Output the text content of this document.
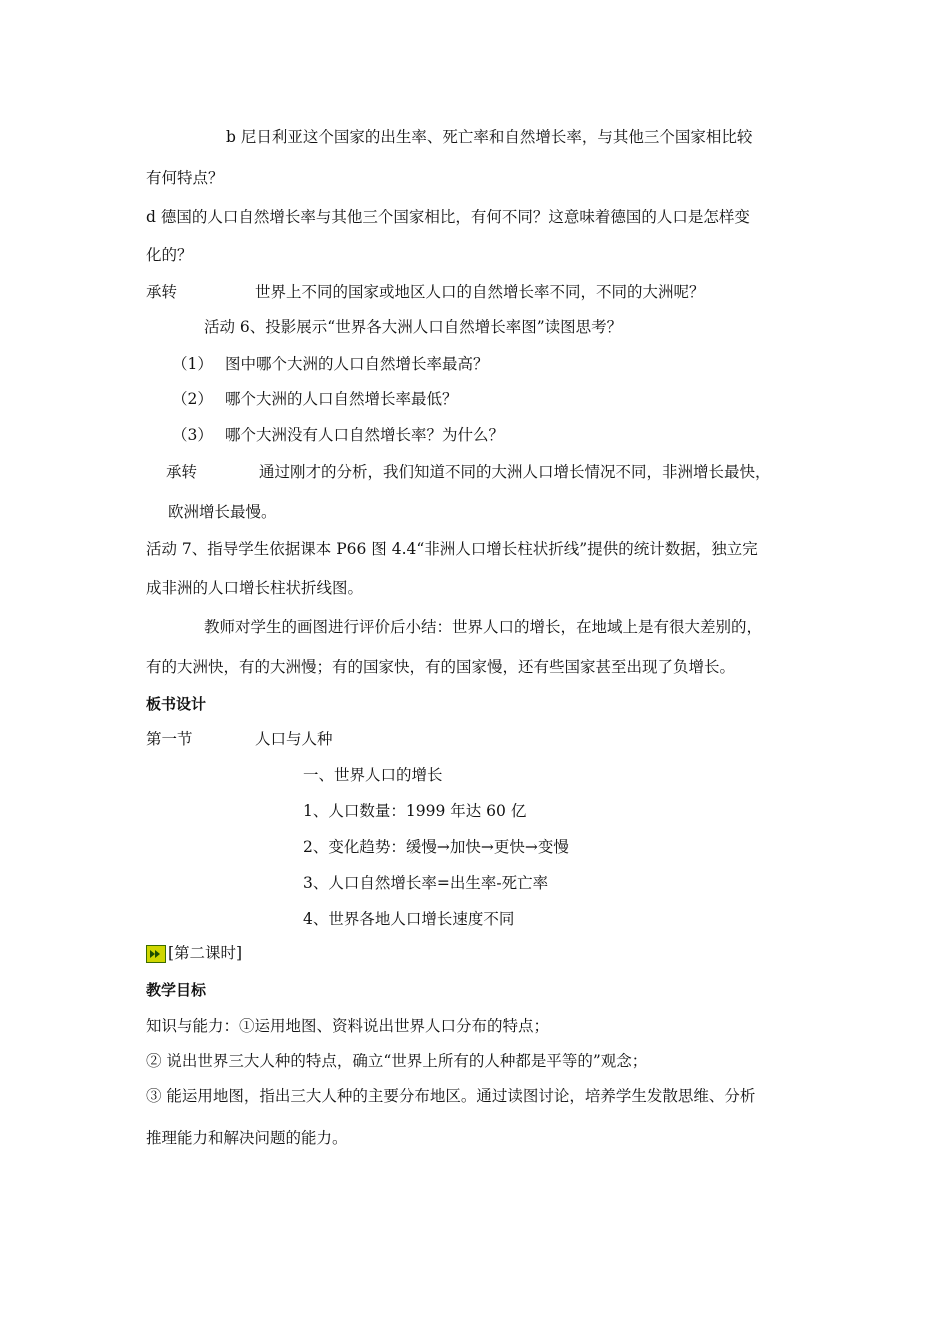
b 尼日利亚这个国家的出生率、死亡率和自然增长率，与其他三个国家相比较
有何特点？
d 德国的人口自然增长率与其他三个国家相比，有何不同？这意味着德国的人口是怎样变
化的？
承转	世界上不同的国家或地区人口的自然增长率不同，不同的大洲呢？
活动 6、投影展示“世界各大洲人口自然增长率图”读图思考？
（1） 图中哪个大洲的人口自然增长率最高？
（2） 哪个大洲的人口自然增长率最低？
（3） 哪个大洲没有人口自然增长率？为什么？
承转	通过刚才的分析，我们知道不同的大洲人口增长情况不同，非洲增长最快，
欧洲增长最慢。
活动 7、指导学生依据课本 P66 图 4.4“非洲人口增长柱状折线”提供的统计数据，独立完
成非洲的人口增长柱状折线图。
教师对学生的画图进行评价后小结：世界人口的增长，在地域上是有很大差别的，
有的大洲快，有的大洲慢；有的国家快，有的国家慢，还有些国家甚至出现了负增长。
板书设计
第一节	人口与人种
一、世界人口的增长
1、人口数量：1999 年达 60 亿
2、变化趋势：缓慢→加快→更快→变慢
3、人口自然增长率=出生率-死亡率
4、世界各地人口增长速度不同
[第二课时]
教学目标
知识与能力：①运用地图、资料说出世界人口分布的特点；
② 说出世界三大人种的特点，确立“世界上所有的人种都是平等的”观念；
③ 能运用地图，指出三大人种的主要分布地区。通过读图讨论，培养学生发散思维、分析
推理能力和解决问题的能力。
